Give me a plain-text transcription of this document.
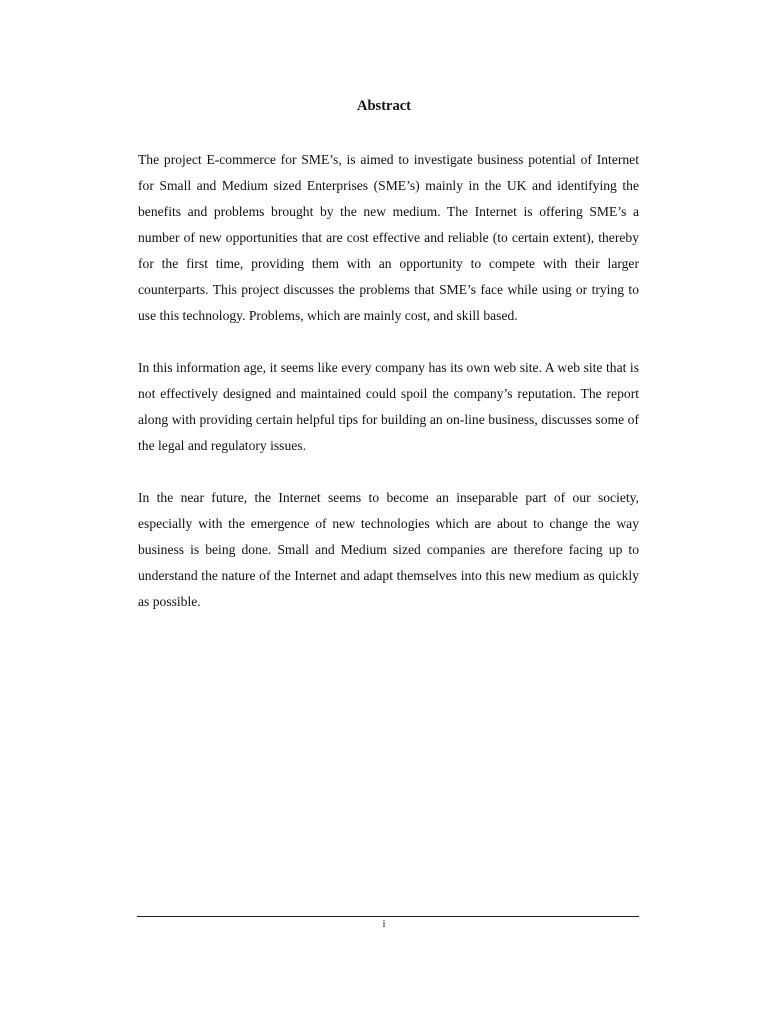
Abstract

The project E-commerce for SME’s, is aimed to investigate business potential of Internet for Small and Medium sized Enterprises (SME’s) mainly in the UK and identifying the benefits and problems brought by the new medium. The Internet is offering SME’s a number of new opportunities that are cost effective and reliable (to certain extent), thereby for the first time, providing them with an opportunity to compete with their larger counterparts. This project discusses the problems that SME’s face while using or trying to use this technology. Problems, which are mainly cost, and skill based.

In this information age, it seems like every company has its own web site. A web site that is not effectively designed and maintained could spoil the company’s reputation. The report along with providing certain helpful tips for building an on-line business, discusses some of the legal and regulatory issues.

In the near future, the Internet seems to become an inseparable part of our society, especially with the emergence of new technologies which are about to change the way business is being done. Small and Medium sized companies are therefore facing up to understand the nature of the Internet and adapt themselves into this new medium as quickly as possible.

i
